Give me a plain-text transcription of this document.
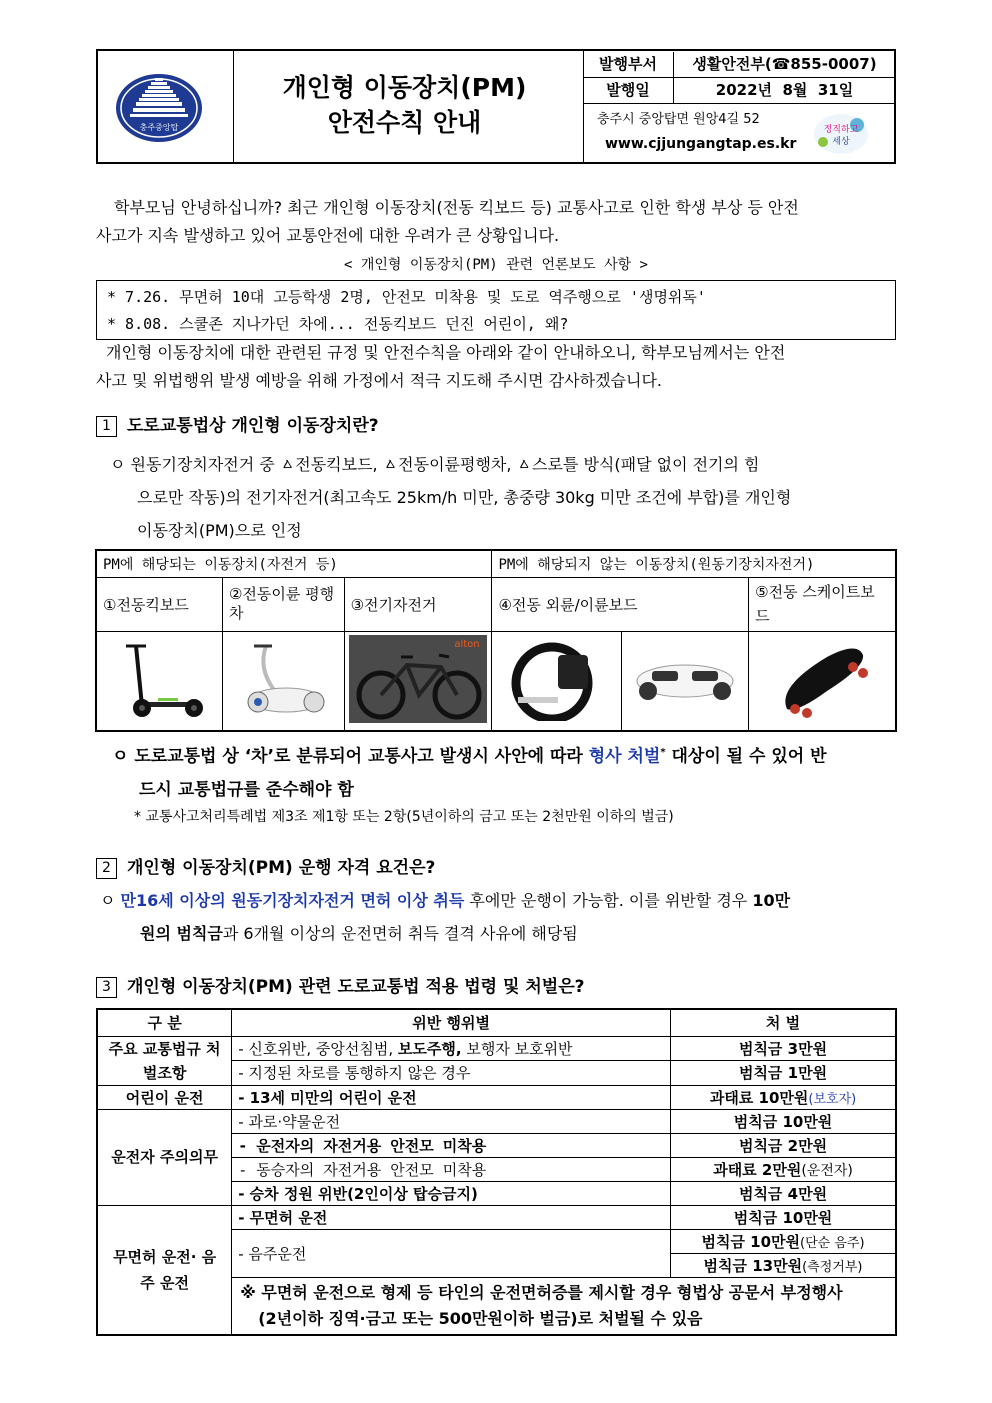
충주중앙탑
개인형 이동장치(PM)
안전수칙 안내
발행부서	생활안전부(☎855-0007)
발행일	2022년  8월  31일
충주시 중앙탑면 원앙4길 52
www.cjjungangtap.es.kr
정직하고
세상
학부모님 안녕하십니까? 최근 개인형 이동장치(전동 킥보드 등) 교통사고로 인한 학생 부상 등 안전
사고가 지속 발생하고 있어 교통안전에 대한 우려가 큰 상황입니다.
< 개인형 이동장치(PM) 관련 언론보도 사항 >
* 7.26. 무면허 10대 고등학생 2명, 안전모 미착용 및 도로 역주행으로 '생명위독'
* 8.08. 스쿨존 지나가던 차에... 전동킥보드 던진 어린이, 왜?
개인형 이동장치에 대한 관련된 규정 및 안전수칙을 아래와 같이 안내하오니, 학부모님께서는 안전
사고 및 위법행위 발생 예방을 위해 가정에서 적극 지도해 주시면 감사하겠습니다.
1 도로교통법상 개인형 이동장치란?
ㅇ 원동기장치자전거 중 ㅿ전동킥보드, ㅿ전동이륜평행차, ㅿ스로틀 방식(패달 없이 전기의 힘
으로만 작동)의 전기자전거(최고속도 25km/h 미만, 총중량 30kg 미만 조건에 부합)를 개인형
이동장치(PM)으로 인정
PM에 해당되는 이동장치(자전거 등)			PM에 해당되지 않는 이동장치(원동기장치자전거)		
①전동킥보드	②전동이륜 평행차	③전기자전거	④전동 외륜/이륜보드		⑤전동 스케이트보드

alton

ㅇ 도로교통법 상 ‘차’로 분류되어 교통사고 발생시 사안에 따라 형사 처벌* 대상이 될 수 있어 반
드시 교통법규를 준수해야 함
* 교통사고처리특례법 제3조 제1항 또는 2항(5년이하의 금고 또는 2천만원 이하의 벌금)
2 개인형 이동장치(PM) 운행 자격 요건은?
ㅇ 만16세 이상의 원동기장치자전거 면허 이상 취득 후에만 운행이 가능함. 이를 위반할 경우 10만
원의 범칙금과 6개월 이상의 운전면허 취득 결격 사유에 해당됨
3 개인형 이동장치(PM) 관련 도로교통법 적용 법령 및 처벌은?
구 분	위반 행위별	처 벌
주요 교통법규 처벌조항	- 신호위반, 중앙선침범, 보도주행, 보행자 보호위반	범칙금 3만원
	- 지정된 차로를 통행하지 않은 경우	범칙금 1만원
어린이 운전	- 13세 미만의 어린이 운전	과태료 10만원(보호자)
운전자 주의의무	- 과로·약물운전	범칙금 10만원
	- 운전자의 자전거용 안전모 미착용	범칙금 2만원
	- 동승자의 자전거용 안전모 미착용	과태료 2만원(운전자)
	- 승차 정원 위반(2인이상 탑승금지)	범칙금 4만원
무면허 운전· 음주 운전	- 무면허 운전	범칙금 10만원
	- 음주운전	범칙금 10만원(단순 음주)
		범칙금 13만원(측정거부)

	※ 무면허 운전으로 형제 등 타인의 운전면허증를 제시할 경우 형법상 공문서 부정행사
(2년이하 징역·금고 또는 500만원이하 벌금)로 처벌될 수 있음	
